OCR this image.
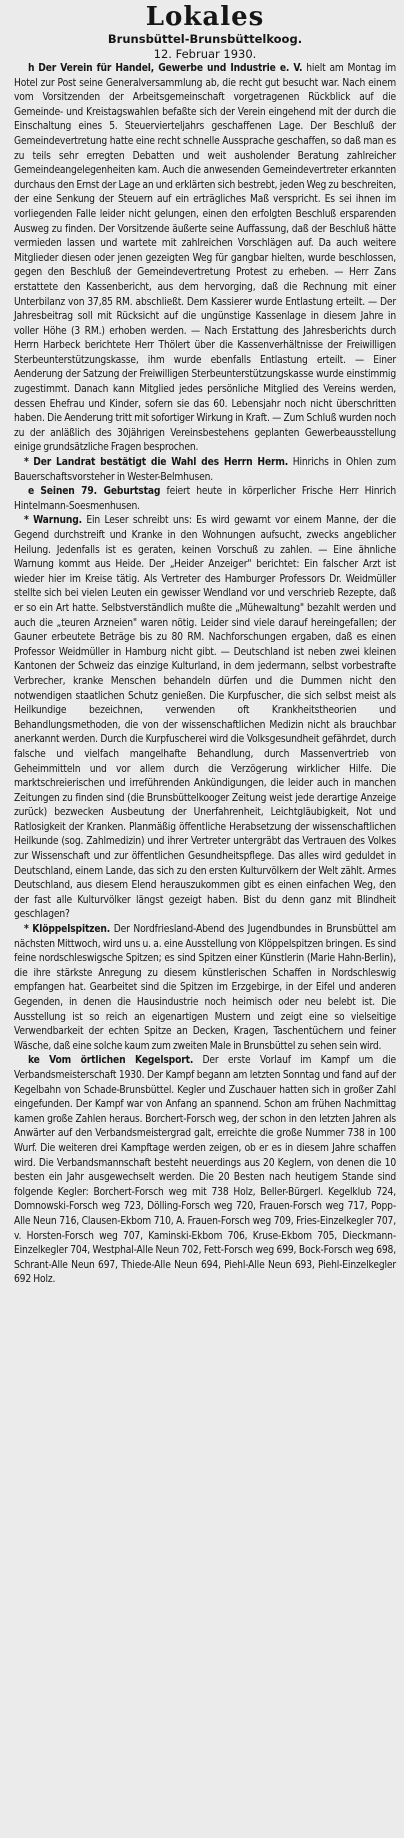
Lokales
Brunsbüttel-Brunsbüttelkoog.
12. Februar 1930.

h Der Verein für Handel, Gewerbe und Industrie e. V. hielt am Montag im Hotel zur Post seine Generalversammlung ab, die recht gut besucht war. Nach einem vom Vorsitzenden der Arbeitsgemeinschaft vorgetragenen Rückblick auf die Gemeinde- und Kreistagswahlen befaßte sich der Verein eingehend mit der durch die Einschaltung eines 5. Steuervierteljahrs geschaffenen Lage. Der Beschluß der Gemeindevertretung hatte eine recht schnelle Aussprache geschaffen, so daß man es zu teils sehr erregten Debatten und weit ausholender Beratung zahlreicher Gemeindeangelegenheiten kam. Auch die anwesenden Gemeindevertreter erkannten durchaus den Ernst der Lage an und erklärten sich bestrebt, jeden Weg zu beschreiten, der eine Senkung der Steuern auf ein erträgliches Maß verspricht. Es sei ihnen im vorliegenden Falle leider nicht gelungen, einen den erfolgten Beschluß ersparenden Ausweg zu finden. Der Vorsitzende äußerte seine Auffassung, daß der Beschluß hätte vermieden lassen und wartete mit zahlreichen Vorschlägen auf. Da auch weitere Mitglieder diesen oder jenen gezeigten Weg für gangbar hielten, wurde beschlossen, gegen den Beschluß der Gemeindevertretung Protest zu erheben. — Herr Zans erstattete den Kassenbericht, aus dem hervorging, daß die Rechnung mit einer Unterbilanz von 37,85 RM. abschließt. Dem Kassierer wurde Entlastung erteilt. — Der Jahresbeitrag soll mit Rücksicht auf die ungünstige Kassenlage in diesem Jahre in voller Höhe (3 RM.) erhoben werden. — Nach Erstattung des Jahresberichts durch Herrn Harbeck berichtete Herr Thölert über die Kassenverhältnisse der Freiwilligen Sterbeunterstützungskasse, ihm wurde ebenfalls Entlastung erteilt. — Einer Aenderung der Satzung der Freiwilligen Sterbeunterstützungskasse wurde einstimmig zugestimmt. Danach kann Mitglied jedes persönliche Mitglied des Vereins werden, dessen Ehefrau und Kinder, sofern sie das 60. Lebensjahr noch nicht überschritten haben. Die Aenderung tritt mit sofortiger Wirkung in Kraft. — Zum Schluß wurden noch zu der anläßlich des 30jährigen Vereinsbestehens geplanten Gewerbeausstellung einige grundsätzliche Fragen besprochen.

* Der Landrat bestätigt die Wahl des Herrn Herm. Hinrichs in Ohlen zum Bauerschaftsvorsteher in Wester-Belmhusen.

e Seinen 79. Geburtstag feiert heute in körperlicher Frische Herr Hinrich Hintelmann-Soesmenhusen.

* Warnung. Ein Leser schreibt uns: Es wird gewarnt vor einem Manne, der die Gegend durchstreift und Kranke in den Wohnungen aufsucht, zwecks angeblicher Heilung. Jedenfalls ist es geraten, keinen Vorschuß zu zahlen. — Eine ähnliche Warnung kommt aus Heide. Der „Heider Anzeiger" berichtet: Ein falscher Arzt ist wieder hier im Kreise tätig. Als Vertreter des Hamburger Professors Dr. Weidmüller stellte sich bei vielen Leuten ein gewisser Wendland vor und verschrieb Rezepte, daß er so ein Art hatte. Selbstverständlich mußte die „Mühewaltung" bezahlt werden und auch die „teuren Arzneien" waren nötig. Leider sind viele darauf hereingefallen; der Gauner erbeutete Beträge bis zu 80 RM. Nachforschungen ergaben, daß es einen Professor Weidmüller in Hamburg nicht gibt. — Deutschland ist neben zwei kleinen Kantonen der Schweiz das einzige Kulturland, in dem jedermann, selbst vorbestrafte Verbrecher, kranke Menschen behandeln dürfen und die Dummen nicht den notwendigen staatlichen Schutz genießen. Die Kurpfuscher, die sich selbst meist als Heilkundige bezeichnen, verwenden oft Krankheitstheorien und Behandlungsmethoden, die von der wissenschaftlichen Medizin nicht als brauchbar anerkannt werden. Durch die Kurpfuscherei wird die Volksgesundheit gefährdet, durch falsche und vielfach mangelhafte Behandlung, durch Massenvertrieb von Geheimmitteln und vor allem durch die Verzögerung wirklicher Hilfe. Die marktschreierischen und irreführenden Ankündigungen, die leider auch in manchen Zeitungen zu finden sind (die Brunsbüttelkooger Zeitung weist jede derartige Anzeige zurück) bezwecken Ausbeutung der Unerfahrenheit, Leichtgläubigkeit, Not und Ratlosigkeit der Kranken. Planmäßig öffentliche Herabsetzung der wissenschaftlichen Heilkunde (sog. Zahlmedizin) und ihrer Vertreter untergräbt das Vertrauen des Volkes zur Wissenschaft und zur öffentlichen Gesundheitspflege. Das alles wird geduldet in Deutschland, einem Lande, das sich zu den ersten Kulturvölkern der Welt zählt. Armes Deutschland, aus diesem Elend herauszukommen gibt es einen einfachen Weg, den der fast alle Kulturvölker längst gezeigt haben. Bist du denn ganz mit Blindheit geschlagen?

* Klöppelspitzen. Der Nordfriesland-Abend des Jugendbundes in Brunsbüttel am nächsten Mittwoch, wird uns u. a. eine Ausstellung von Klöppelspitzen bringen. Es sind feine nordschleswigsche Spitzen; es sind Spitzen einer Künstlerin (Marie Hahn-Berlin), die ihre stärkste Anregung zu diesem künstlerischen Schaffen in Nordschleswig empfangen hat. Gearbeitet sind die Spitzen im Erzgebirge, in der Eifel und anderen Gegenden, in denen die Hausindustrie noch heimisch oder neu belebt ist. Die Ausstellung ist so reich an eigenartigen Mustern und zeigt eine so vielseitige Verwendbarkeit der echten Spitze an Decken, Kragen, Taschentüchern und feiner Wäsche, daß eine solche kaum zum zweiten Male in Brunsbüttel zu sehen sein wird.

ke Vom örtlichen Kegelsport. Der erste Vorlauf im Kampf um die Verbandsmeisterschaft 1930. Der Kampf begann am letzten Sonntag und fand auf der Kegelbahn von Schade-Brunsbüttel. Kegler und Zuschauer hatten sich in großer Zahl eingefunden. Der Kampf war von Anfang an spannend. Schon am frühen Nachmittag kamen große Zahlen heraus. Borchert-Forsch weg, der schon in den letzten Jahren als Anwärter auf den Verbandsmeistergrad galt, erreichte die große Nummer 738 in 100 Wurf. Die weiteren drei Kampftage werden zeigen, ob er es in diesem Jahre schaffen wird. Die Verbandsmannschaft besteht neuerdings aus 20 Keglern, von denen die 10 besten ein Jahr ausgewechselt werden. Die 20 Besten nach heutigem Stande sind folgende Kegler: Borchert-Forsch weg mit 738 Holz, Beller-Bürgerl. Kegelklub 724, Domnowski-Forsch weg 723, Dölling-Forsch weg 720, Frauen-Forsch weg 717, Popp-Alle Neun 716, Clausen-Ekbom 710, A. Frauen-Forsch weg 709, Fries-Einzelkegler 707, v. Horsten-Forsch weg 707, Kaminski-Ekbom 706, Kruse-Ekbom 705, Dieckmann-Einzelkegler 704, Westphal-Alle Neun 702, Fett-Forsch weg 699, Bock-Forsch weg 698, Schrant-Alle Neun 697, Thiede-Alle Neun 694, Piehl-Alle Neun 693, Piehl-Einzelkegler 692 Holz.
